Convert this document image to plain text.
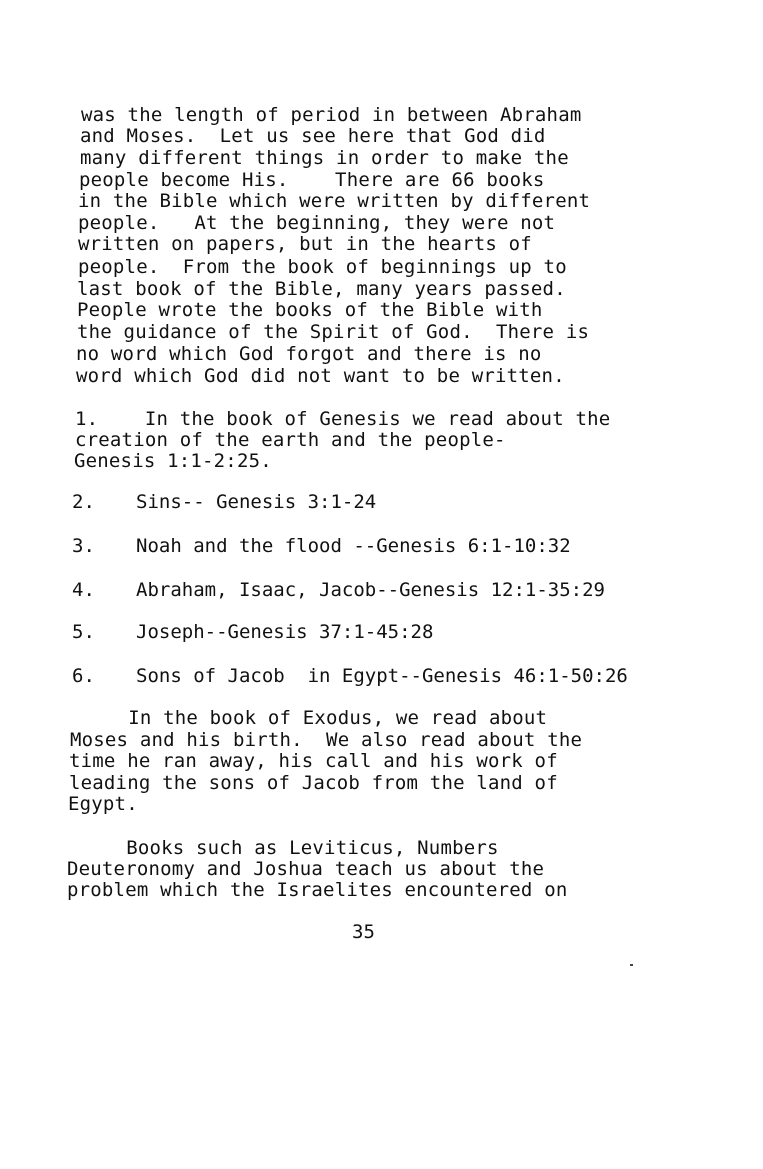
was the length of period in between Abraham
and Moses.  Let us see here that God did
many different things in order to make the
people become His.    There are 66 books
in the Bible which were written by different
people.   At the beginning, they were not
written on papers, but in the hearts of
people.  From the book of beginnings up to
last book of the Bible, many years passed.
People wrote the books of the Bible with
the guidance of the Spirit of God.  There is
no word which God forgot and there is no
word which God did not want to be written.
1.    In the book of Genesis we read about the
creation of the earth and the people-
Genesis 1:1-2:25.

2.

Sins-- Genesis 3:1-24

3.

Noah and the flood --Genesis 6:1-10:32

4.

Abraham, Isaac, Jacob--Genesis 12:1-35:29

5.

Joseph--Genesis 37:1-45:28

6.

Sons of Jacob  in Egypt--Genesis 46:1-50:26

In the book of Exodus, we read about
Moses and his birth.  We also read about the
time he ran away, his call and his work of
leading the sons of Jacob from the land of
Egypt.
Books such as Leviticus, Numbers
Deuteronomy and Joshua teach us about the
problem which the Israelites encountered on
35
